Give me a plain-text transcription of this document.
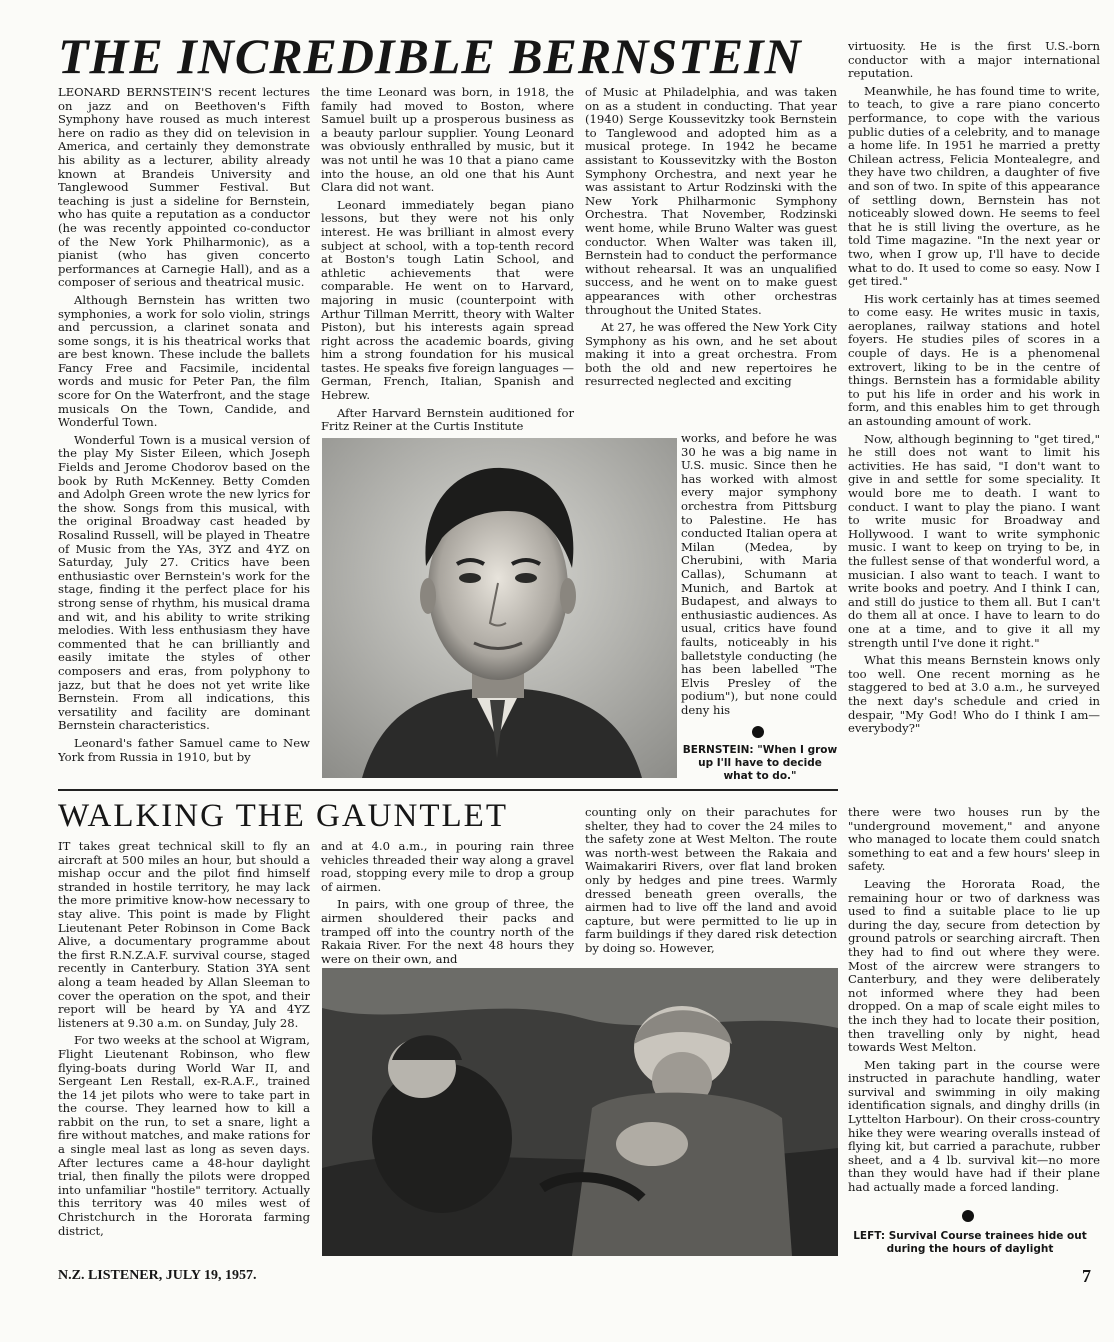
THE INCREDIBLE BERNSTEIN

LEONARD BERNSTEIN'S recent lectures on jazz and on Beethoven's Fifth Symphony have roused as much interest here on radio as they did on television in America, and certainly they demonstrate his ability as a lecturer, ability already known at Brandeis University and Tanglewood Summer Festival. But teaching is just a sideline for Bernstein, who has quite a reputation as a conductor (he was recently appointed co-conductor of the New York Philharmonic), as a pianist (who has given concerto performances at Carnegie Hall), and as a composer of serious and theatrical music.

Although Bernstein has written two symphonies, a work for solo violin, strings and percussion, a clarinet sonata and some songs, it is his theatrical works that are best known. These include the ballets Fancy Free and Facsimile, incidental words and music for Peter Pan, the film score for On the Waterfront, and the stage musicals On the Town, Candide, and Wonderful Town.

Wonderful Town is a musical version of the play My Sister Eileen, which Joseph Fields and Jerome Chodorov based on the book by Ruth McKenney. Betty Comden and Adolph Green wrote the new lyrics for the show. Songs from this musical, with the original Broadway cast headed by Rosalind Russell, will be played in Theatre of Music from the YAs, 3YZ and 4YZ on Saturday, July 27. Critics have been enthusiastic over Bernstein's work for the stage, finding it the perfect place for his strong sense of rhythm, his musical drama and wit, and his ability to write striking melodies. With less enthusiasm they have commented that he can brilliantly and easily imitate the styles of other composers and eras, from polyphony to jazz, but that he does not yet write like Bernstein. From all indications, this versatility and facility are dominant Bernstein characteristics.

Leonard's father Samuel came to New York from Russia in 1910, but by

the time Leonard was born, in 1918, the family had moved to Boston, where Samuel built up a prosperous business as a beauty parlour supplier. Young Leonard was obviously enthralled by music, but it was not until he was 10 that a piano came into the house, an old one that his Aunt Clara did not want.

Leonard immediately began piano lessons, but they were not his only interest. He was brilliant in almost every subject at school, with a top-tenth record at Boston's tough Latin School, and athletic achievements that were comparable. He went on to Harvard, majoring in music (counterpoint with Arthur Tillman Merritt, theory with Walter Piston), but his interests again spread right across the academic boards, giving him a strong foundation for his musical tastes. He speaks five foreign languages —German, French, Italian, Spanish and Hebrew.

After Harvard Bernstein auditioned for Fritz Reiner at the Curtis Institute

of Music at Philadelphia, and was taken on as a student in conducting. That year (1940) Serge Koussevitzky took Bernstein to Tanglewood and adopted him as a musical protege. In 1942 he became assistant to Koussevitzky with the Boston Symphony Orchestra, and next year he was assistant to Artur Rodzinski with the New York Philharmonic Symphony Orchestra. That November, Rodzinski went home, while Bruno Walter was guest conductor. When Walter was taken ill, Bernstein had to conduct the performance without rehearsal. It was an unqualified success, and he went on to make guest appearances with other orchestras throughout the United States.

At 27, he was offered the New York City Symphony as his own, and he set about making it into a great orchestra. From both the old and new repertoires he resurrected neglected and exciting

works, and before he was 30 he was a big name in U.S. music. Since then he has worked with almost every major symphony orchestra from Pittsburg to Palestine. He has conducted Italian opera at Milan (Medea, by Cherubini, with Maria Callas), Schumann at Munich, and Bartok at Budapest, and always to enthusiastic audiences. As usual, critics have found faults, noticeably in his balletstyle conducting (he has been labelled "The Elvis Presley of the podium"), but none could deny his

BERNSTEIN: "When I grow up I'll have to decide what to do."

virtuosity. He is the first U.S.-born conductor with a major international reputation.

Meanwhile, he has found time to write, to teach, to give a rare piano concerto performance, to cope with the various public duties of a celebrity, and to manage a home life. In 1951 he married a pretty Chilean actress, Felicia Montealegre, and they have two children, a daughter of five and son of two. In spite of this appearance of settling down, Bernstein has not noticeably slowed down. He seems to feel that he is still living the overture, as he told Time magazine. "In the next year or two, when I grow up, I'll have to decide what to do. It used to come so easy. Now I get tired."

His work certainly has at times seemed to come easy. He writes music in taxis, aeroplanes, railway stations and hotel foyers. He studies piles of scores in a couple of days. He is a phenomenal extrovert, liking to be in the centre of things. Bernstein has a formidable ability to put his life in order and his work in form, and this enables him to get through an astounding amount of work.

Now, although beginning to "get tired," he still does not want to limit his activities. He has said, "I don't want to give in and settle for some speciality. It would bore me to death. I want to conduct. I want to play the piano. I want to write music for Broadway and Hollywood. I want to write symphonic music. I want to keep on trying to be, in the fullest sense of that wonderful word, a musician. I also want to teach. I want to write books and poetry. And I think I can, and still do justice to them all. But I can't do them all at once. I have to learn to do one at a time, and to give it all my strength until I've done it right."

What this means Bernstein knows only too well. One recent morning as he staggered to bed at 3.0 a.m., he surveyed the next day's schedule and cried in despair, "My God! Who do I think I am—everybody?"

WALKING THE GAUNTLET

IT takes great technical skill to fly an aircraft at 500 miles an hour, but should a mishap occur and the pilot find himself stranded in hostile territory, he may lack the more primitive know-how necessary to stay alive. This point is made by Flight Lieutenant Peter Robinson in Come Back Alive, a documentary programme about the first R.N.Z.A.F. survival course, staged recently in Canterbury. Station 3YA sent along a team headed by Allan Sleeman to cover the operation on the spot, and their report will be heard by YA and 4YZ listeners at 9.30 a.m. on Sunday, July 28.

For two weeks at the school at Wigram, Flight Lieutenant Robinson, who flew flying-boats during World War II, and Sergeant Len Restall, ex-R.A.F., trained the 14 jet pilots who were to take part in the course. They learned how to kill a rabbit on the run, to set a snare, light a fire without matches, and make rations for a single meal last as long as seven days. After lectures came a 48-hour daylight trial, then finally the pilots were dropped into unfamiliar "hostile" territory. Actually this territory was 40 miles west of Christchurch in the Hororata farming district,

and at 4.0 a.m., in pouring rain three vehicles threaded their way along a gravel road, stopping every mile to drop a group of airmen.

In pairs, with one group of three, the airmen shouldered their packs and tramped off into the country north of the Rakaia River. For the next 48 hours they were on their own, and

counting only on their parachutes for shelter, they had to cover the 24 miles to the safety zone at West Melton. The route was north-west between the Rakaia and Waimakariri Rivers, over flat land broken only by hedges and pine trees. Warmly dressed beneath green overalls, the airmen had to live off the land and avoid capture, but were permitted to lie up in farm buildings if they dared risk detection by doing so. However,

there were two houses run by the "underground movement," and anyone who managed to locate them could snatch something to eat and a few hours' sleep in safety.

Leaving the Hororata Road, the remaining hour or two of darkness was used to find a suitable place to lie up during the day, secure from detection by ground patrols or searching aircraft. Then they had to find out where they were. Most of the aircrew were strangers to Canterbury, and they were deliberately not informed where they had been dropped. On a map of scale eight miles to the inch they had to locate their position, then travelling only by night, head towards West Melton.

Men taking part in the course were instructed in parachute handling, water survival and swimming in oily making identification signals, and dinghy drills (in Lyttelton Harbour). On their cross-country hike they were wearing overalls instead of flying kit, but carried a parachute, rubber sheet, and a 4 lb. survival kit—no more than they would have had if their plane had actually made a forced landing.

LEFT: Survival Course trainees hide out during the hours of daylight
N.Z. LISTENER, JULY 19, 1957.	7
